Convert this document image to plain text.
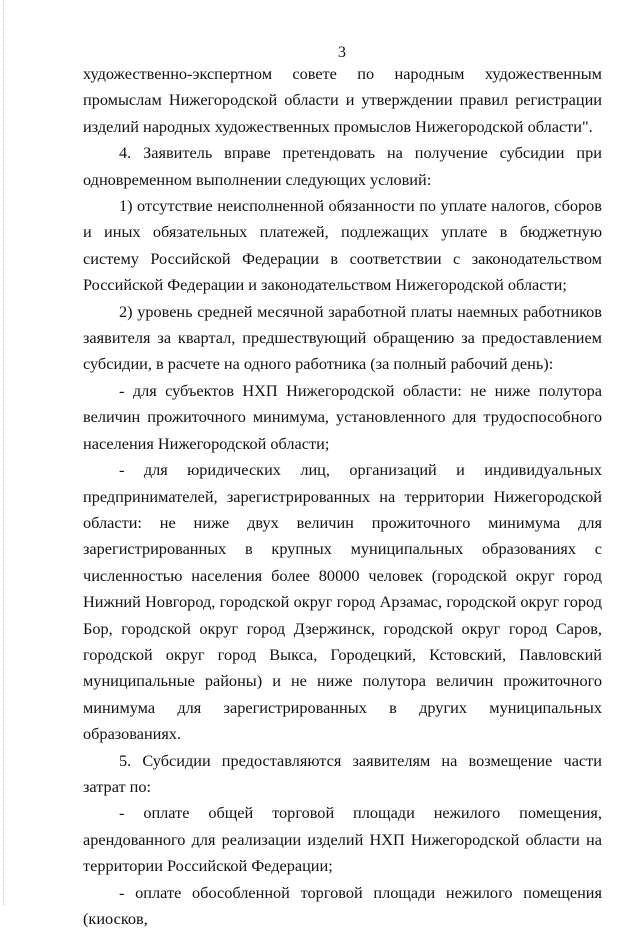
3

художественно-экспертном совете по народным художественным промыслам Нижегородской области и утверждении правил регистрации изделий народных художественных промыслов Нижегородской области".

4. Заявитель вправе претендовать на получение субсидии при одновременном выполнении следующих условий:

1) отсутствие неисполненной обязанности по уплате налогов, сборов и иных обязательных платежей, подлежащих уплате в бюджетную систему Российской Федерации в соответствии с законодательством Российской Федерации и законодательством Нижегородской области;

2) уровень средней месячной заработной платы наемных работников заявителя за квартал, предшествующий обращению за предоставлением субсидии, в расчете на одного работника (за полный рабочий день):

- для субъектов НХП Нижегородской области: не ниже полутора величин прожиточного минимума, установленного для трудоспособного населения Нижегородской области;

- для юридических лиц, организаций и индивидуальных предпринимателей, зарегистрированных на территории Нижегородской области: не ниже двух величин прожиточного минимума для зарегистрированных в крупных муниципальных образованиях с численностью населения более 80000 человек (городской округ город Нижний Новгород, городской округ город Арзамас, городской округ город Бор, городской округ город Дзержинск, городской округ город Саров, городской округ город Выкса, Городецкий, Кстовский, Павловский муниципальные районы) и не ниже полутора величин прожиточного минимума для зарегистрированных в других муниципальных образованиях.

5. Субсидии предоставляются заявителям на возмещение части затрат по:

- оплате общей торговой площади нежилого помещения, арендованного для реализации изделий НХП Нижегородской области на территории Российской Федерации;

- оплате обособленной торговой площади нежилого помещения (киосков,
